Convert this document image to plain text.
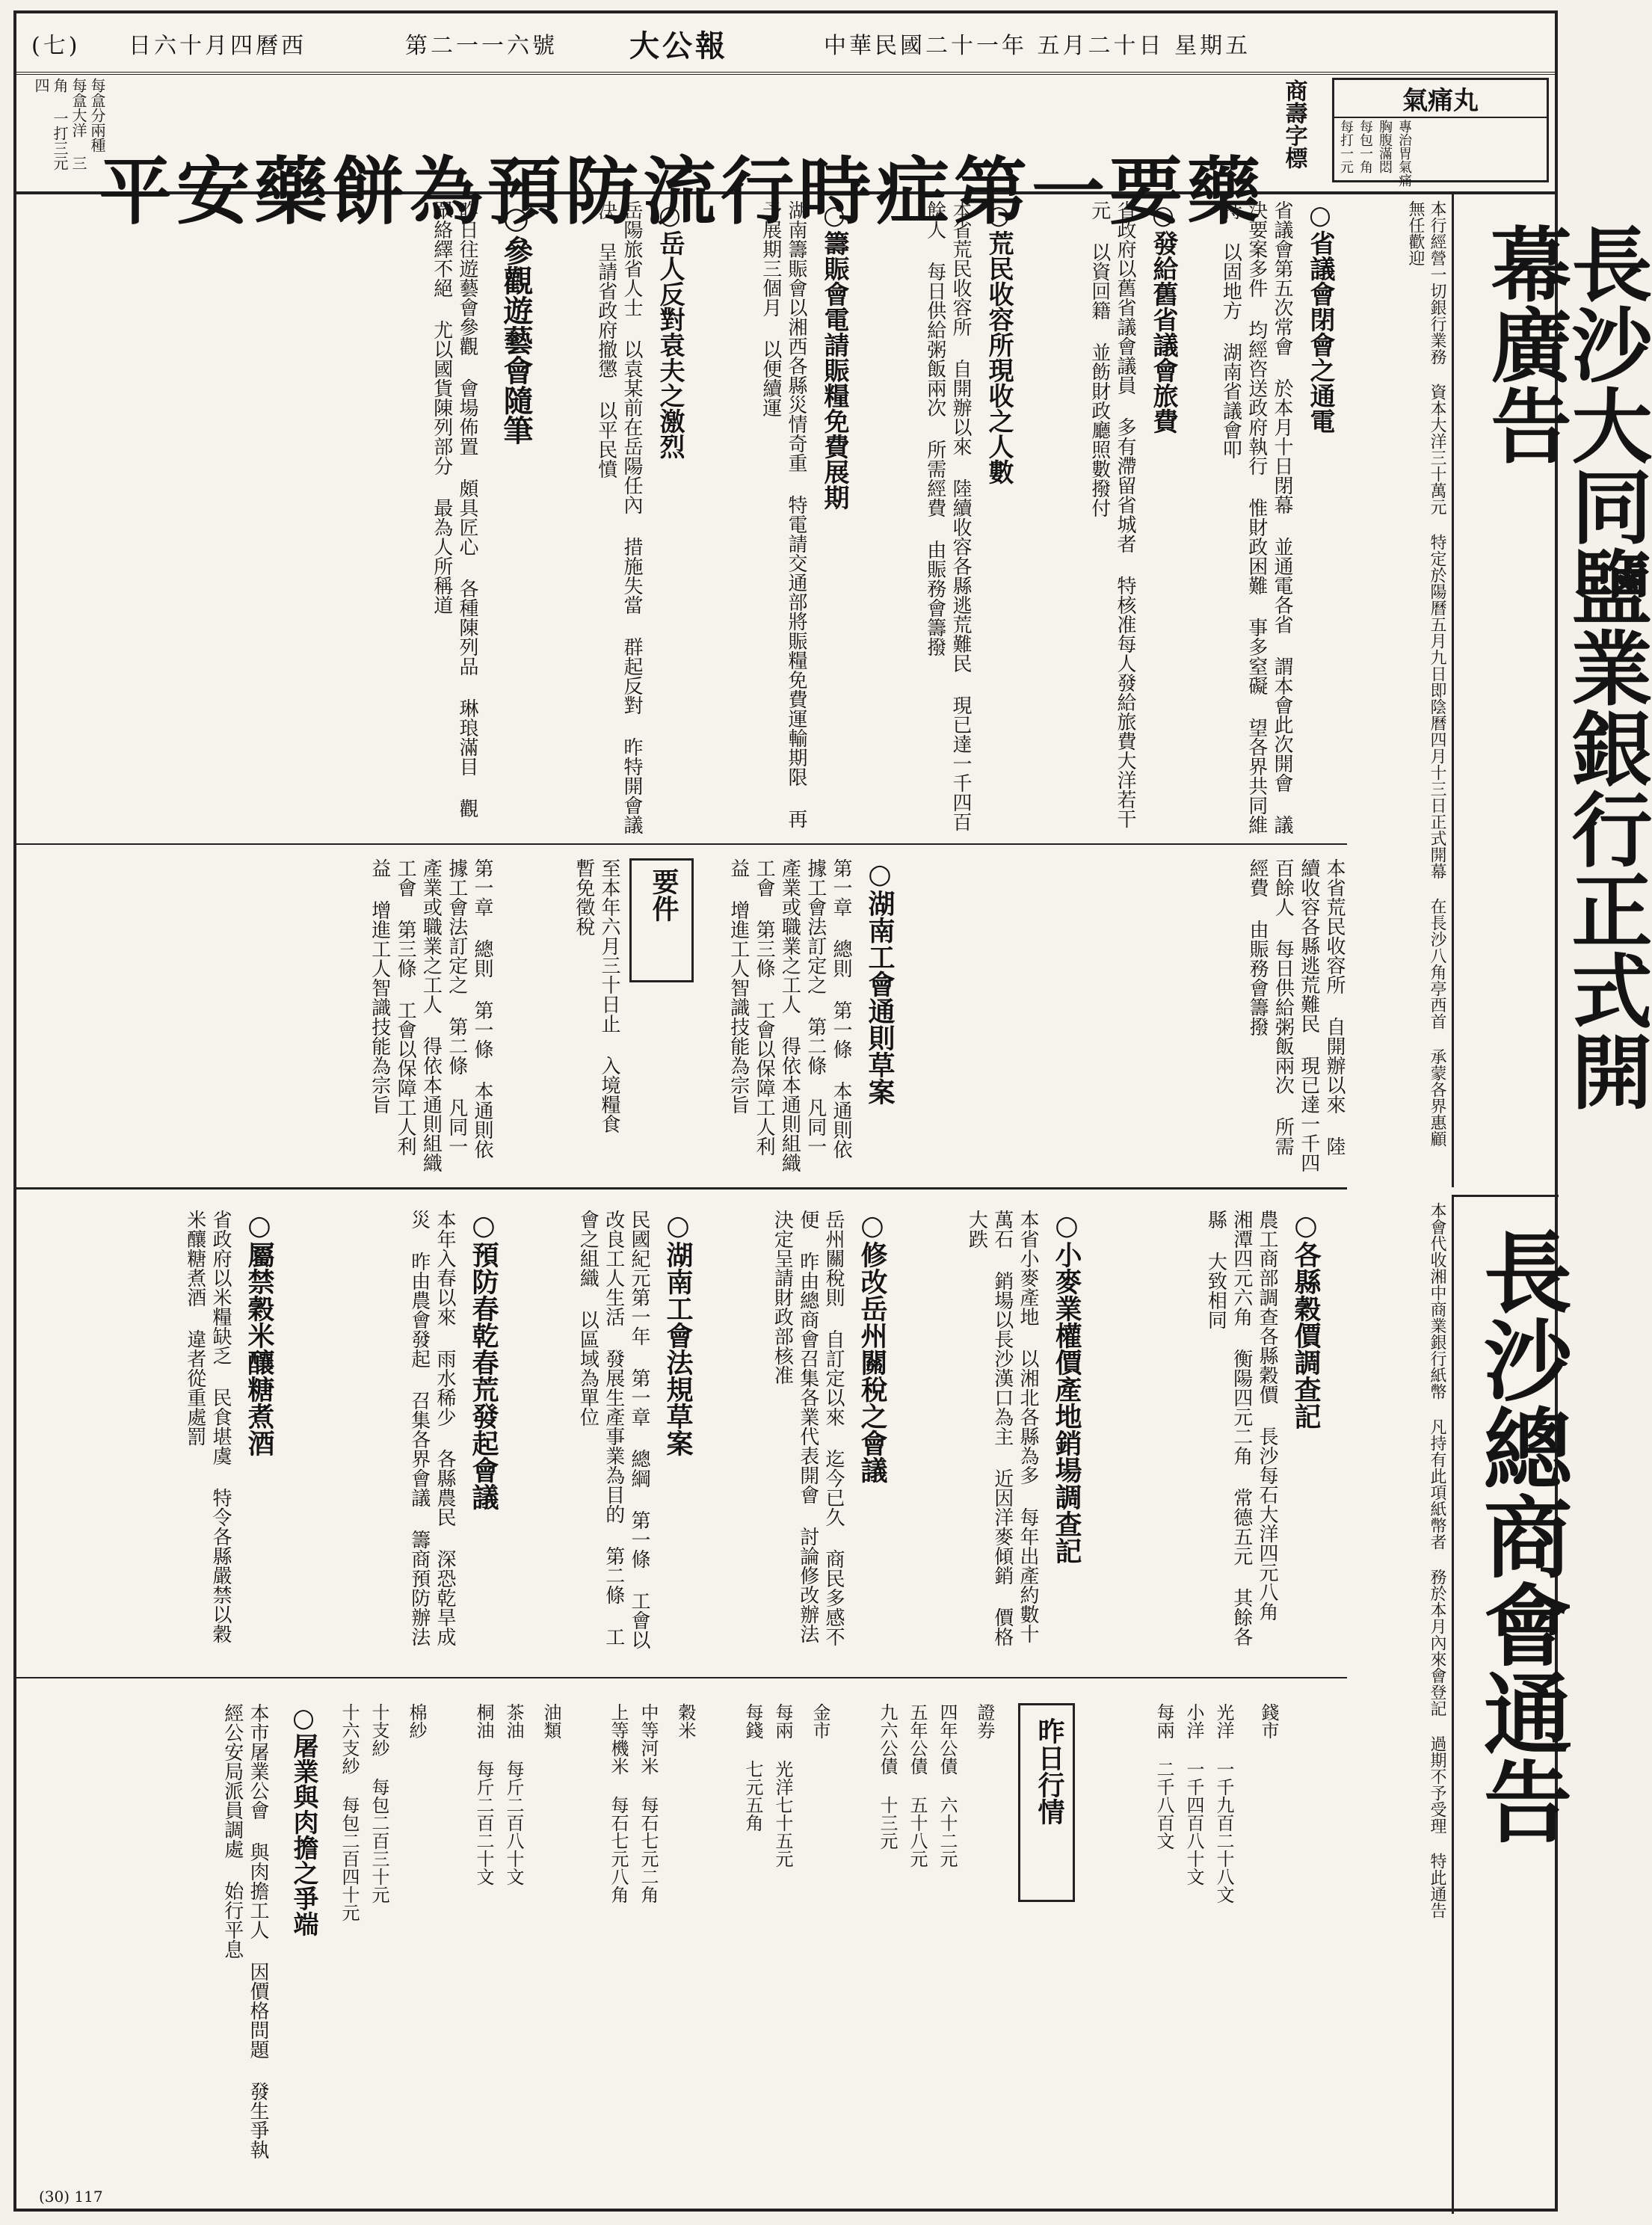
(七) 日六十月四曆西	第二一一六號 大公報	中華民國二十一年 五月二十日 星期五
每盒分兩種 每盒大洋 三角 一打三元 四
平安藥餅為預防流行時症第一要藥
商壽字標	氣痛丸
專治胃氣痛 胸腹滿悶 每包一角 每打一元
長沙大同鹽業銀行正式開幕廣告
本行經營一切銀行業務 資本大洋三十萬元 特定於陽曆五月九日即陰曆四月十三日正式開幕 在長沙八角亭西首 承蒙各界惠顧 無任歡迎
長沙總商會通告
本會代收湘中商業銀行紙幣 凡持有此項紙幣者 務於本月內來會登記 過期不予受理 特此通告
○省議會閉會之通電
省議會第五次常會 於本月十日閉幕 並通電各省 謂本會此次開會 議決要案多件 均經咨送政府執行 惟財政困難 事多窒礙 望各界共同維持 以固地方 湖南省議會叩
○發給舊省議會旅費
省政府以舊省議會議員 多有滯留省城者 特核准每人發給旅費大洋若干元 以資回籍 並飭財政廳照數撥付
○荒民收容所現收之人數
本省荒民收容所 自開辦以來 陸續收容各縣逃荒難民 現已達一千四百餘人 每日供給粥飯兩次 所需經費 由賑務會籌撥
○籌賑會電請賑糧免費展期
湖南籌賑會以湘西各縣災情奇重 特電請交通部將賑糧免費運輸期限 再予展期三個月 以便續運
○岳人反對袁夫之激烈
岳陽旅省人士 以袁某前在岳陽任內 措施失當 群起反對 昨特開會議決 呈請省政府撤懲 以平民憤
○參觀遊藝會隨筆
昨日往遊藝會參觀 會場佈置 頗具匠心 各種陳列品 琳琅滿目 觀眾絡繹不絕 尤以國貨陳列部分 最為人所稱道
要件
至本年六月三十日止 入境糧食 暫免徵稅	○湖南工會通則草案
第一章 總則 第一條 本通則依據工會法訂定之 第二條 凡同一產業或職業之工人 得依本通則組織工會 第三條 工會以保障工人利益 增進工人智識技能為宗旨	本省荒民收容所 自開辦以來 陸續收容各縣逃荒難民 現已達一千四百餘人 每日供給粥飯兩次 所需經費 由賑務會籌撥
第一章 總則 第一條 本通則依據工會法訂定之 第二條 凡同一產業或職業之工人 得依本通則組織工會 第三條 工會以保障工人利益 增進工人智識技能為宗旨
○各縣穀價調查記
農工商部調查各縣穀價 長沙每石大洋四元八角 湘潭四元六角 衡陽四元二角 常德五元 其餘各縣 大致相同
○小麥業權價產地銷場調查記
本省小麥產地 以湘北各縣為多 每年出產約數十萬石 銷場以長沙漢口為主 近因洋麥傾銷 價格大跌
○修改岳州關稅之會議
岳州關稅則 自訂定以來 迄今已久 商民多感不便 昨由總商會召集各業代表開會 討論修改辦法 決定呈請財政部核准
○湖南工會法規草案
民國紀元第一年 第一章 總綱 第一條 工會以改良工人生活 發展生產事業為目的 第二條 工會之組織 以區域為單位
○預防春乾春荒發起會議
本年入春以來 雨水稀少 各縣農民 深恐乾旱成災 昨由農會發起 召集各界會議 籌商預防辦法
○屬禁穀米釀糖煮酒
省政府以米糧缺乏 民食堪虞 特令各縣嚴禁以穀米釀糖煮酒 違者從重處罰
昨日行情	錢市
光洋 一千九百二十八文
小洋 一千四百八十文
每兩 二千八百文
證券
四年公債 六十二元
五年公債 五十八元
九六公債 十三元
金市
每兩 光洋七十五元
每錢 七元五角
穀米
中等河米 每石七元二角
上等機米 每石七元八角
油類
茶油 每斤二百八十文
桐油 每斤二百二十文
棉紗
十支紗 每包二百三十元
十六支紗 每包二百四十元
○屠業與肉擔之爭端
本市屠業公會 與肉擔工人 因價格問題 發生爭執 經公安局派員調處 始行平息
(30) 117
